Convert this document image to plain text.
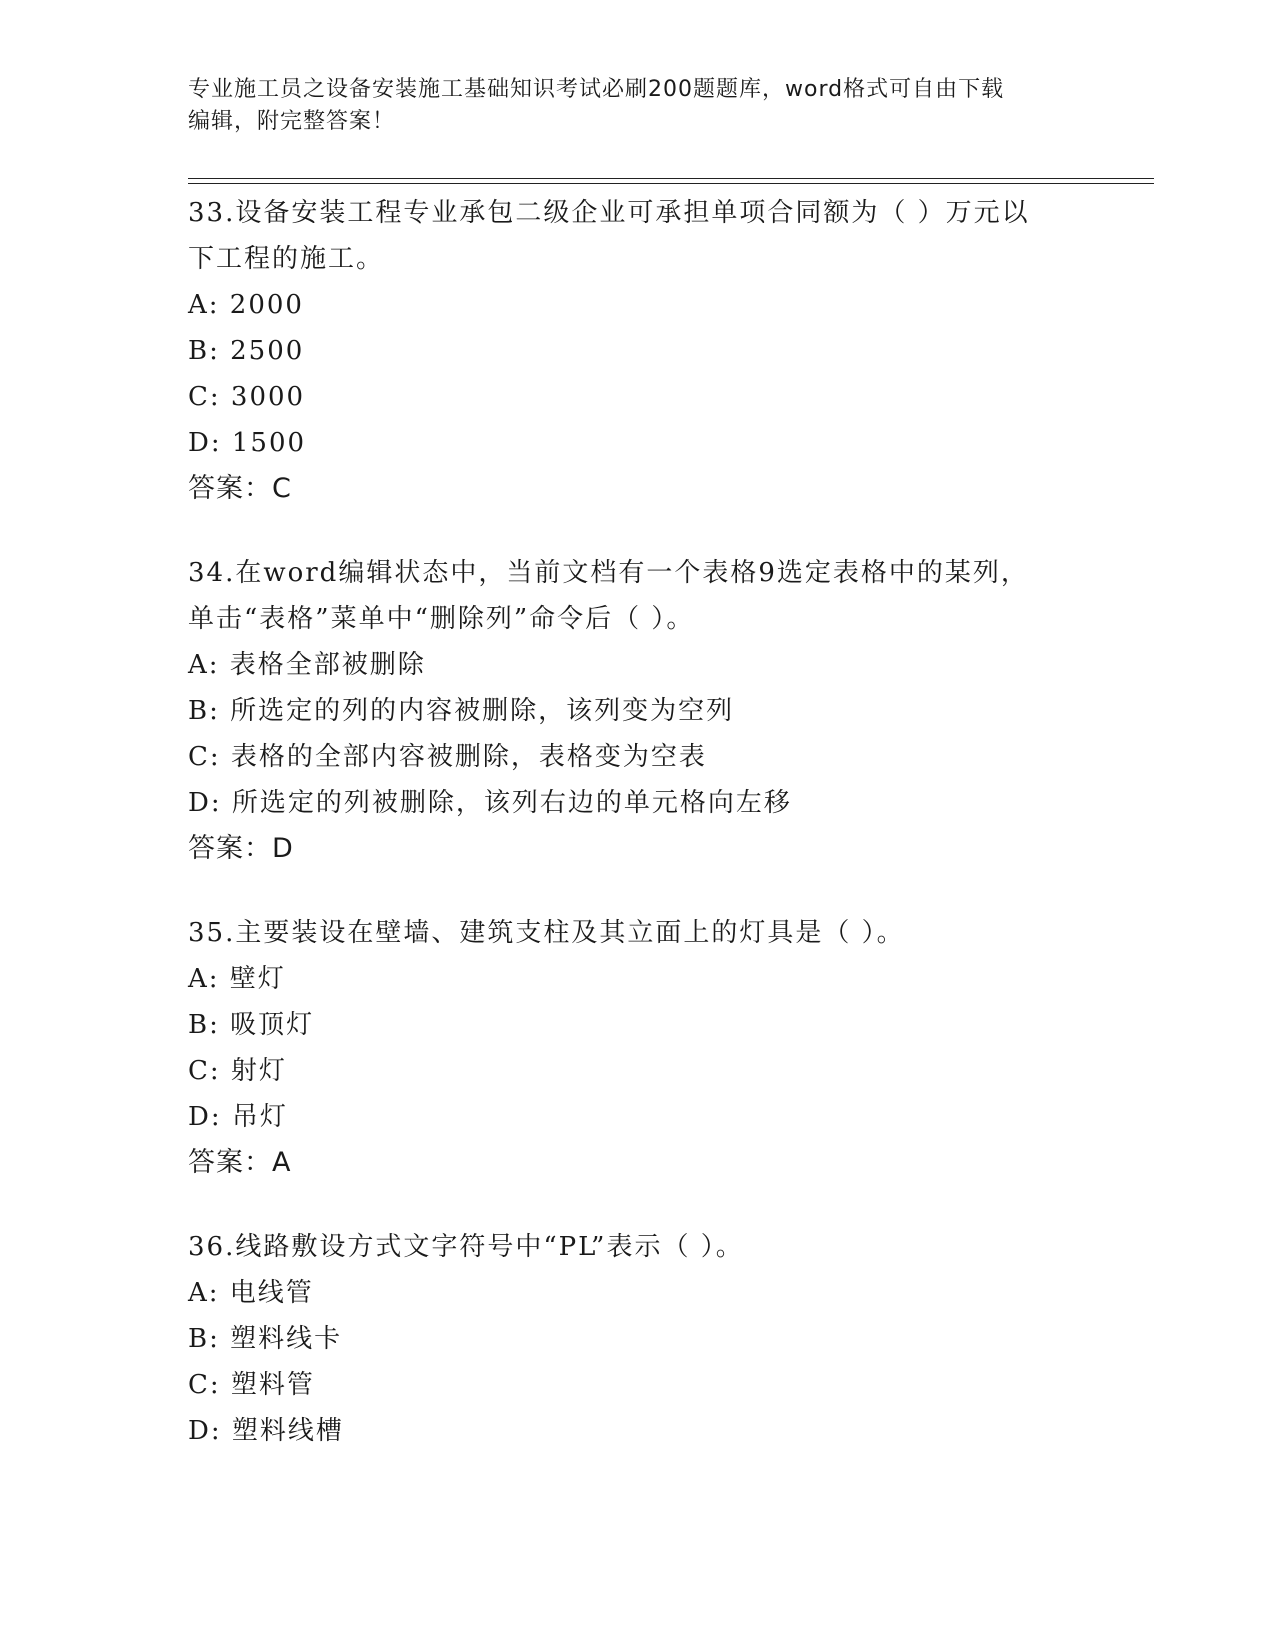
专业施工员之设备安装施工基础知识考试必刷200题题库，word格式可自由下载
编辑，附完整答案！
33.设备安装工程专业承包二级企业可承担单项合同额为（ ）万元以
下工程的施工。
A: 2000
B: 2500
C: 3000
D: 1500
答案：C
34.在word编辑状态中，当前文档有一个表格9选定表格中的某列，
单击“表格”菜单中“删除列”命令后（ ）。
A: 表格全部被删除
B: 所选定的列的内容被删除，该列变为空列
C: 表格的全部内容被删除，表格变为空表
D: 所选定的列被删除，该列右边的单元格向左移
答案：D
35.主要装设在壁墙、建筑支柱及其立面上的灯具是（ ）。
A: 壁灯
B: 吸顶灯
C: 射灯
D: 吊灯
答案：A
36.线路敷设方式文字符号中“PL”表示（ ）。
A: 电线管
B: 塑料线卡
C: 塑料管
D: 塑料线槽
